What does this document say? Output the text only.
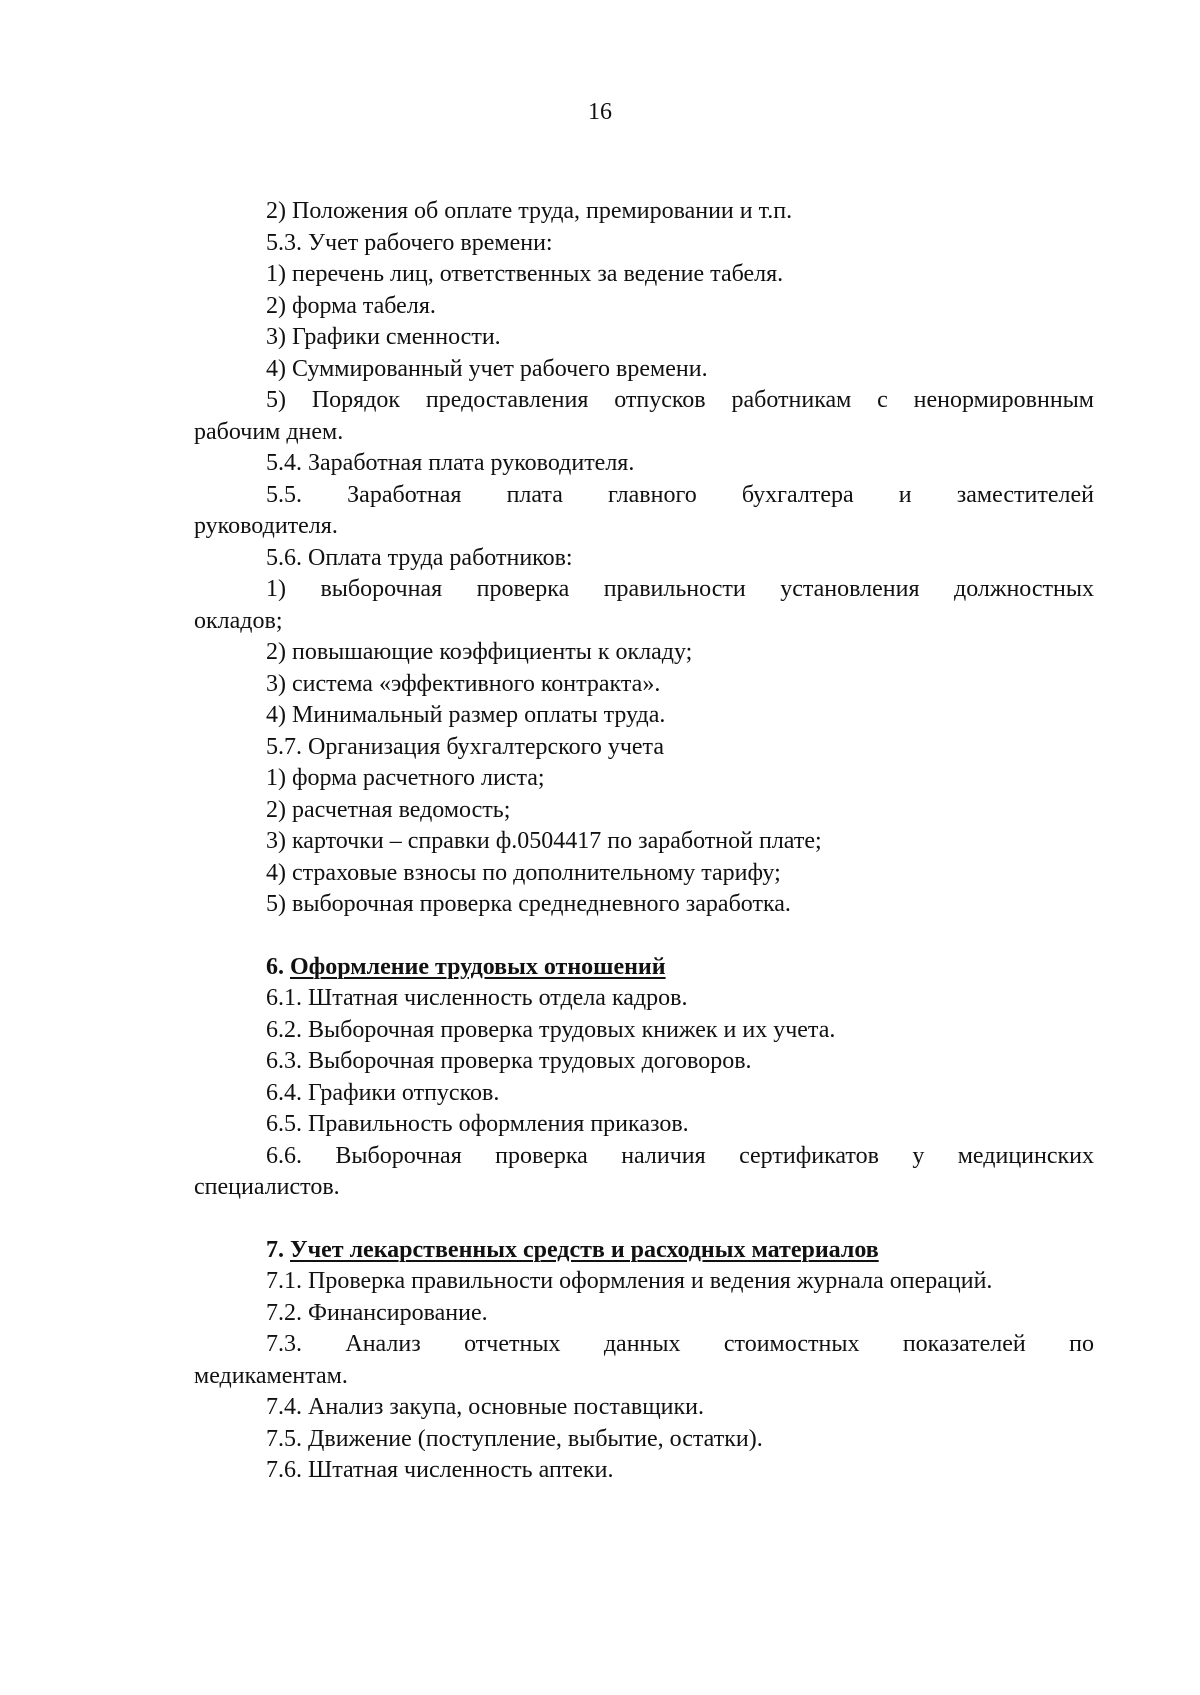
16
2) Положения об оплате труда, премировании и т.п.
5.3. Учет рабочего времени:
1) перечень лиц, ответственных за ведение табеля.
2) форма табеля.
3) Графики сменности.
4) Суммированный учет рабочего времени.
5) Порядок предоставления отпусков работникам с ненормировнным
рабочим днем.
5.4. Заработная плата руководителя.
5.5. Заработная плата главного бухгалтера и заместителей
руководителя.
5.6. Оплата труда работников:
1) выборочная проверка правильности установления должностных
окладов;
2) повышающие коэффициенты к окладу;
3) система «эффективного контракта».
4) Минимальный размер оплаты труда.
5.7. Организация бухгалтерского учета
1) форма расчетного листа;
2) расчетная ведомость;
3) карточки – справки ф.0504417 по заработной плате;
4) страховые взносы по дополнительному тарифу;
5) выборочная проверка среднедневного заработка.
6. Оформление трудовых отношений
6.1. Штатная численность отдела кадров.
6.2. Выборочная проверка трудовых книжек и их учета.
6.3. Выборочная проверка трудовых договоров.
6.4. Графики отпусков.
6.5. Правильность оформления приказов.
6.6. Выборочная проверка наличия сертификатов у медицинских
специалистов.
7. Учет лекарственных средств и расходных материалов
7.1. Проверка правильности оформления и ведения журнала операций.
7.2. Финансирование.
7.3. Анализ отчетных данных стоимостных показателей по
медикаментам.
7.4. Анализ закупа, основные поставщики.
7.5. Движение (поступление, выбытие, остатки).
7.6. Штатная численность аптеки.
